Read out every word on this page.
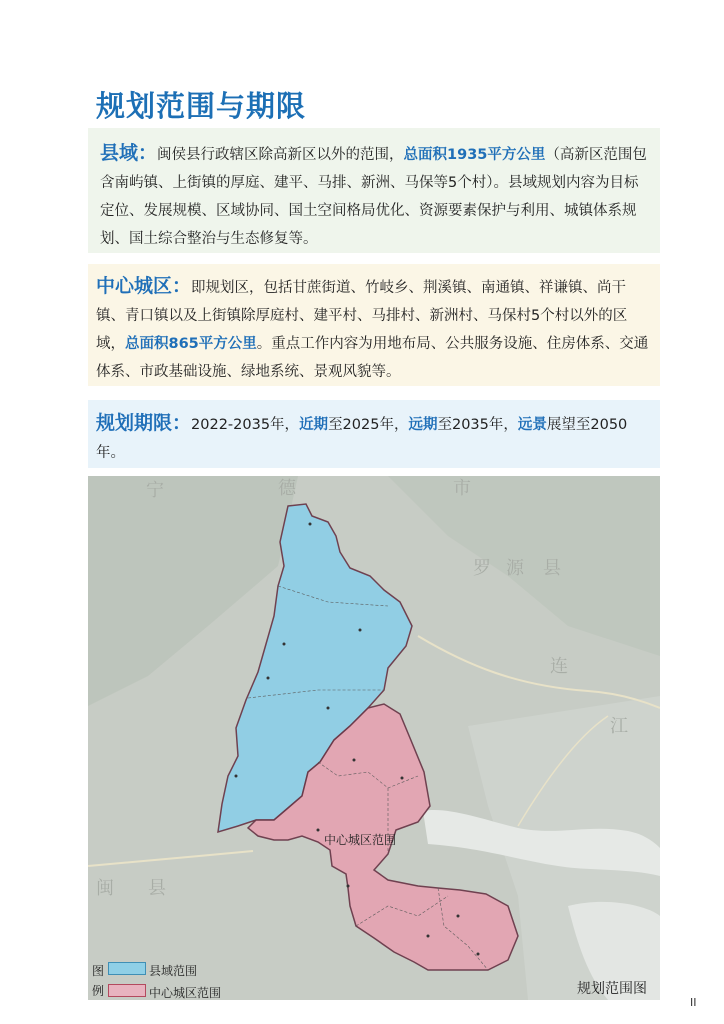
规划范围与期限
县域：闽侯县行政辖区除高新区以外的范围，总面积1935平方公里（高新区范围包含南屿镇、上街镇的厚庭、建平、马排、新洲、马保等5个村）。县域规划内容为目标定位、发展规模、区域协同、国土空间格局优化、资源要素保护与利用、城镇体系规划、国土综合整治与生态修复等。
中心城区：即规划区，包括甘蔗街道、竹岐乡、荆溪镇、南通镇、祥谦镇、尚干镇、青口镇以及上街镇除厚庭村、建平村、马排村、新洲村、马保村5个村以外的区域，总面积865平方公里。重点工作内容为用地布局、公共服务设施、住房体系、交通体系、市政基础设施、绿地系统、景观风貌等。
规划期限：2022-2035年，近期至2025年，远期至2035年，远景展望至2050年。
宁	德	市
罗 源 县
连
江
闽 县
中心城区范围
图
例
县域范围
中心城区范围	规划范围图
II
